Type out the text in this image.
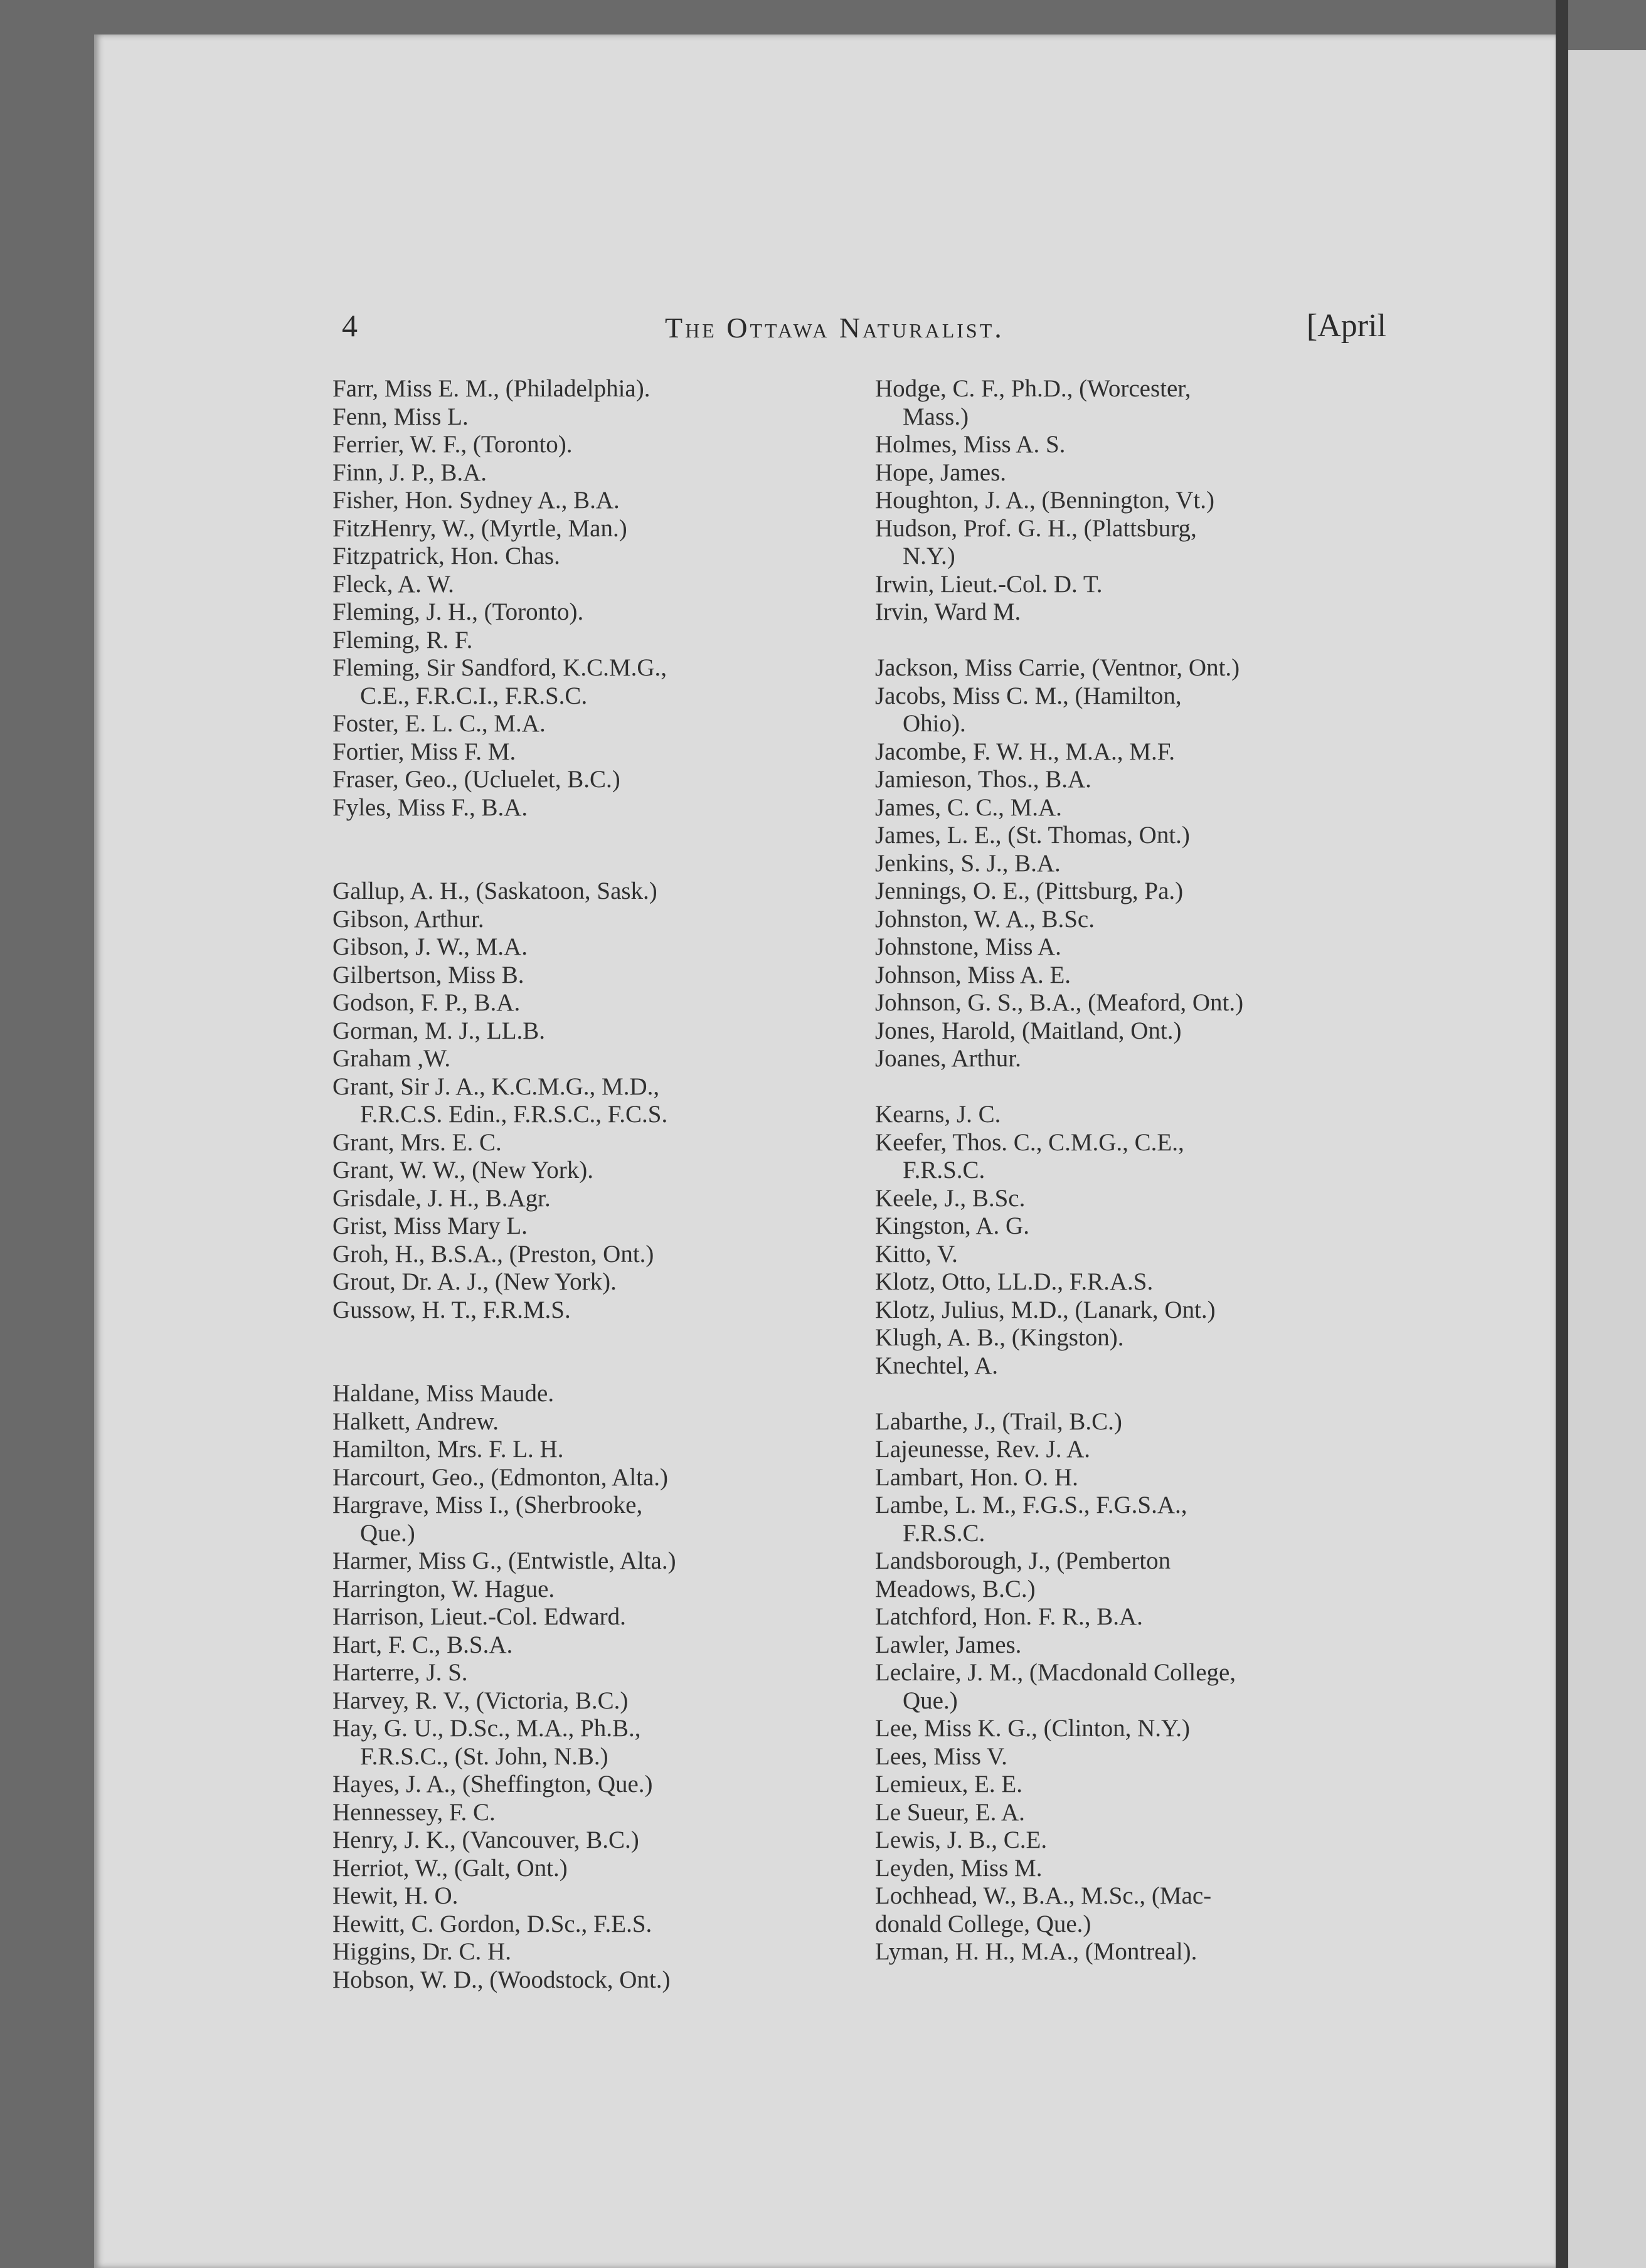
4	The Ottawa Naturalist.	[April
Farr, Miss E. M., (Philadelphia).
Fenn, Miss L.
Ferrier, W. F., (Toronto).
Finn, J. P., B.A.
Fisher, Hon. Sydney A., B.A.
FitzHenry, W., (Myrtle, Man.)
Fitzpatrick, Hon. Chas.
Fleck, A. W.
Fleming, J. H., (Toronto).
Fleming, R. F.
Fleming, Sir Sandford, K.C.M.G.,
C.E., F.R.C.I., F.R.S.C.
Foster, E. L. C., M.A.
Fortier, Miss F. M.
Fraser, Geo., (Ucluelet, B.C.)
Fyles, Miss F., B.A.
Gallup, A. H., (Saskatoon, Sask.)
Gibson, Arthur.
Gibson, J. W., M.A.
Gilbertson, Miss B.
Godson, F. P., B.A.
Gorman, M. J., LL.B.
Graham ,W.
Grant, Sir J. A., K.C.M.G., M.D.,
F.R.C.S. Edin., F.R.S.C., F.C.S.
Grant, Mrs. E. C.
Grant, W. W., (New York).
Grisdale, J. H., B.Agr.
Grist, Miss Mary L.
Groh, H., B.S.A., (Preston, Ont.)
Grout, Dr. A. J., (New York).
Gussow, H. T., F.R.M.S.
Haldane, Miss Maude.
Halkett, Andrew.
Hamilton, Mrs. F. L. H.
Harcourt, Geo., (Edmonton, Alta.)
Hargrave, Miss I., (Sherbrooke,
Que.)
Harmer, Miss G., (Entwistle, Alta.)
Harrington, W. Hague.
Harrison, Lieut.-Col. Edward.
Hart, F. C., B.S.A.
Harterre, J. S.
Harvey, R. V., (Victoria, B.C.)
Hay, G. U., D.Sc., M.A., Ph.B.,
F.R.S.C., (St. John, N.B.)
Hayes, J. A., (Sheffington, Que.)
Hennessey, F. C.
Henry, J. K., (Vancouver, B.C.)
Herriot, W., (Galt, Ont.)
Hewit, H. O.
Hewitt, C. Gordon, D.Sc., F.E.S.
Higgins, Dr. C. H.
Hobson, W. D., (Woodstock, Ont.)
Hodge, C. F., Ph.D., (Worcester,
Mass.)
Holmes, Miss A. S.
Hope, James.
Houghton, J. A., (Bennington, Vt.)
Hudson, Prof. G. H., (Plattsburg,
N.Y.)
Irwin, Lieut.-Col. D. T.
Irvin, Ward M.
Jackson, Miss Carrie, (Ventnor, Ont.)
Jacobs, Miss C. M., (Hamilton,
Ohio).
Jacombe, F. W. H., M.A., M.F.
Jamieson, Thos., B.A.
James, C. C., M.A.
James, L. E., (St. Thomas, Ont.)
Jenkins, S. J., B.A.
Jennings, O. E., (Pittsburg, Pa.)
Johnston, W. A., B.Sc.
Johnstone, Miss A.
Johnson, Miss A. E.
Johnson, G. S., B.A., (Meaford, Ont.)
Jones, Harold, (Maitland, Ont.)
Joanes, Arthur.
Kearns, J. C.
Keefer, Thos. C., C.M.G., C.E.,
F.R.S.C.
Keele, J., B.Sc.
Kingston, A. G.
Kitto, V.
Klotz, Otto, LL.D., F.R.A.S.
Klotz, Julius, M.D., (Lanark, Ont.)
Klugh, A. B., (Kingston).
Knechtel, A.
Labarthe, J., (Trail, B.C.)
Lajeunesse, Rev. J. A.
Lambart, Hon. O. H.
Lambe, L. M., F.G.S., F.G.S.A.,
F.R.S.C.
Landsborough, J., (Pemberton
Meadows, B.C.)
Latchford, Hon. F. R., B.A.
Lawler, James.
Leclaire, J. M., (Macdonald College,
Que.)
Lee, Miss K. G., (Clinton, N.Y.)
Lees, Miss V.
Lemieux, E. E.
Le Sueur, E. A.
Lewis, J. B., C.E.
Leyden, Miss M.
Lochhead, W., B.A., M.Sc., (Mac-
donald College, Que.)
Lyman, H. H., M.A., (Montreal).
